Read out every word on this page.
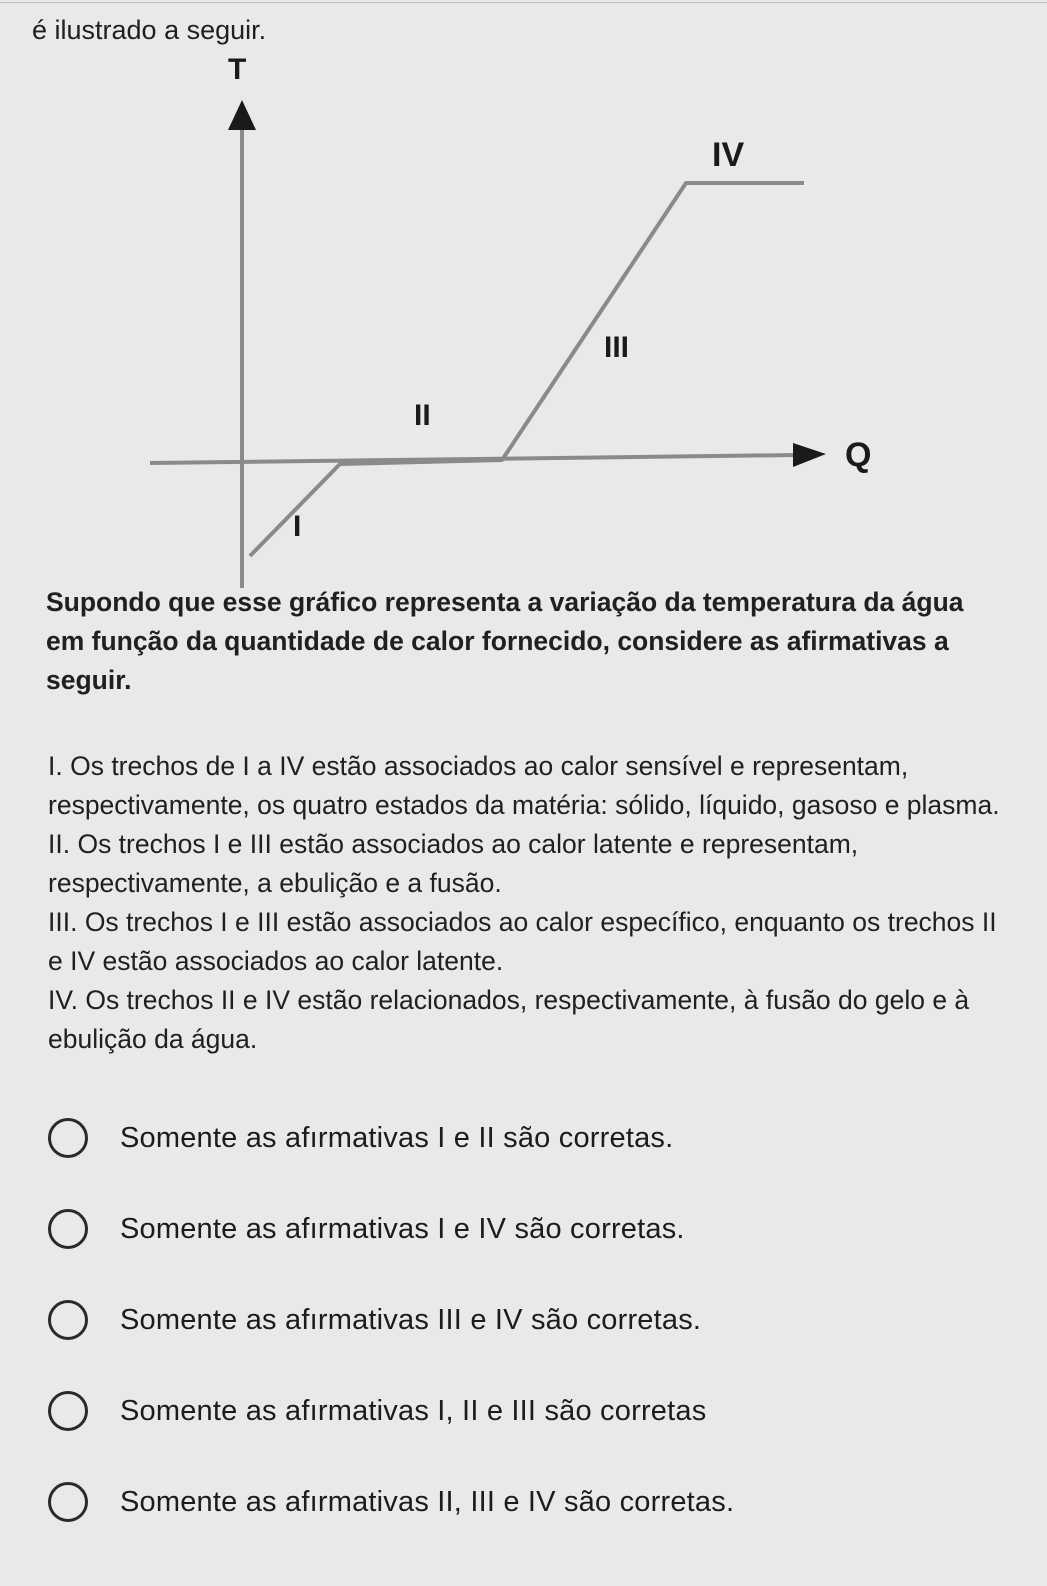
é ilustrado a seguir.
T
Q
I
II
III
IV
Supondo que esse gráfico representa a variação da temperatura da água em função da quantidade de calor fornecido, considere as afirmativas a seguir.

I. Os trechos de I a IV estão associados ao calor sensível e representam, respectivamente, os quatro estados da matéria: sólido, líquido, gasoso e plasma.

II. Os trechos I e III estão associados ao calor latente e representam, respectivamente, a ebulição e a fusão.

III. Os trechos I e III estão associados ao calor específico, enquanto os trechos II e IV estão associados ao calor latente.

IV. Os trechos II e IV estão relacionados, respectivamente, à fusão do gelo e à ebulição da água.

Somente as afırmativas I e II são corretas.
Somente as afırmativas I e IV são corretas.
Somente as afırmativas III e IV são corretas.
Somente as afırmativas I, II e III são corretas
Somente as afırmativas II, III e IV são corretas.
